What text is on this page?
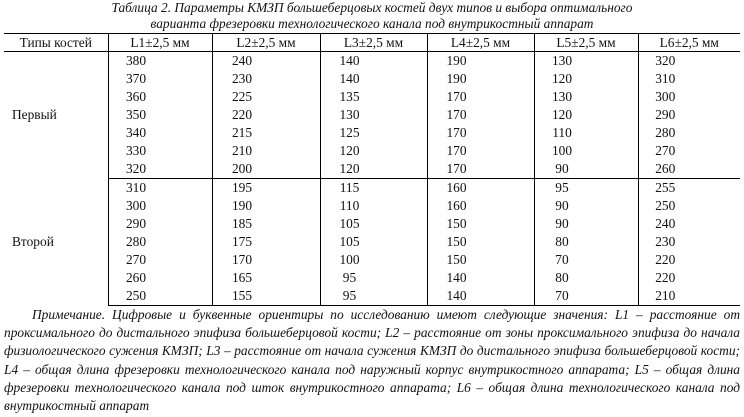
Таблица 2. Параметры КМЗП большеберцовых костей двух типов и выбора оптимального
варианта фрезеровки технологического канала под внутрикостный аппарат
Типы костей	L1±2,5 мм	L2±2,5 мм	L3±2,5 мм	L4±2,5 мм	L5±2,5 мм	L6±2,5 мм
Первый	380	240	140	190	130	320
	370	230	140	190	120	310
	360	225	135	170	130	300
	350	220	130	170	120	290
	340	215	125	170	110	280
	330	210	120	170	100	270
	320	200	120	170	90	260
Второй	310	195	115	160	95	255
	300	190	110	160	90	250
	290	185	105	150	90	240
	280	175	105	150	80	230
	270	170	100	150	70	220
	260	165	95	140	80	220
	250	155	95	140	70	210

Примечание. Цифровые и буквенные ориентиры по исследованию имеют следующие значения: L1 – расстояние от проксимального до дистального эпифиза большеберцовой кости; L2 – расстояние от зоны проксимального эпифиза до начала физиологического сужения КМЗП; L3 – расстояние от начала сужения КМЗП до дистального эпифиза большеберцовой кости; L4 – общая длина фрезеровки технологического канала под наружный корпус внутрикостного аппарата; L5 – общая длина фрезеровки технологического канала под шток внутрикостного аппарата; L6 – общая длина технологического канала под внутрикостный аппарат
